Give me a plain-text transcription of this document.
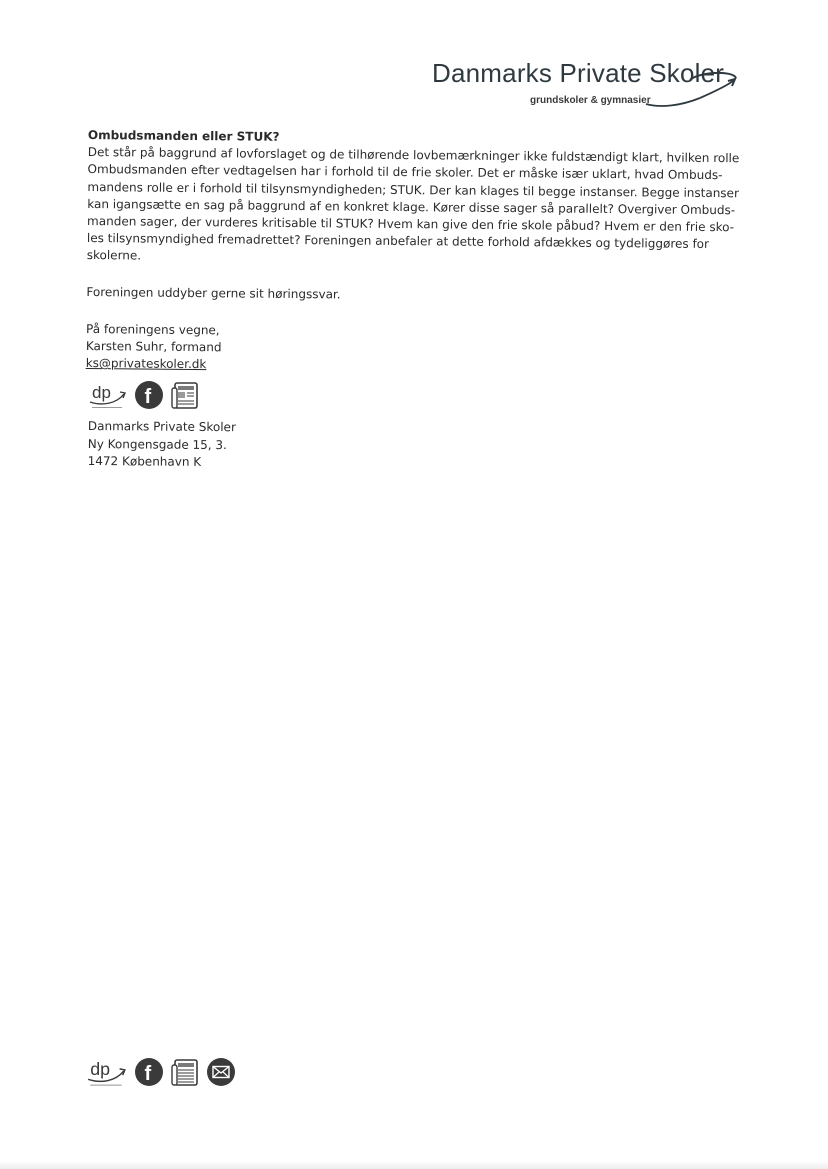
Danmarks Private Skoler
grundskoler & gymnasier

Ombudsmanden eller STUK?

Det står på baggrund af lovforslaget og de tilhørende lovbemærkninger ikke fuldstændigt klart, hvilken rolle
Ombudsmanden efter vedtagelsen har i forhold til de frie skoler. Det er måske især uklart, hvad Ombuds-
mandens rolle er i forhold til tilsynsmyndigheden; STUK. Der kan klages til begge instanser. Begge instanser
kan igangsætte en sag på baggrund af en konkret klage. Kører disse sager så parallelt? Overgiver Ombuds-
manden sager, der vurderes kritisable til STUK? Hvem kan give den frie skole påbud? Hvem er den frie sko-
les tilsynsmyndighed fremadrettet? Foreningen anbefaler at dette forhold afdækkes og tydeliggøres for
skolerne.

Foreningen uddyber gerne sit høringssvar.

På foreningens vegne,
Karsten Suhr, formand
ks@privateskoler.dk
dp f
Danmarks Private Skoler
Ny Kongensgade 15, 3.
1472 København K
dp f
